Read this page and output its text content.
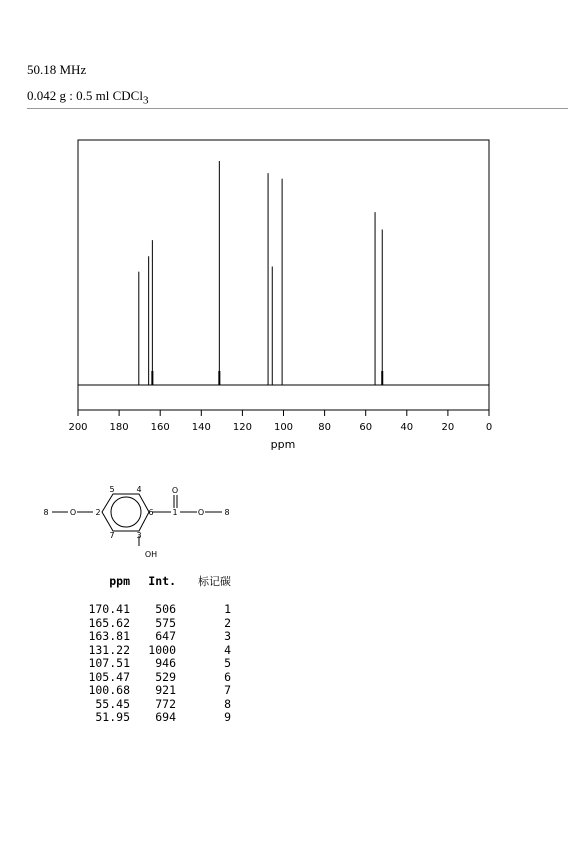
50.18 MHz
0.042 g : 0.5 ml CDCl$_3$
200 180 160 140 120 100	80	60	40	20	0
ppm
8	O 2
5	4
7	3
6 1
O
O	8
OH
ppm	Int.	标记碳
170.41	506	1
165.62	575	2
163.81	647	3
131.22	1000	4
107.51	946	5
105.47	529	6
100.68	921	7
55.45	772	8
51.95	694	9
